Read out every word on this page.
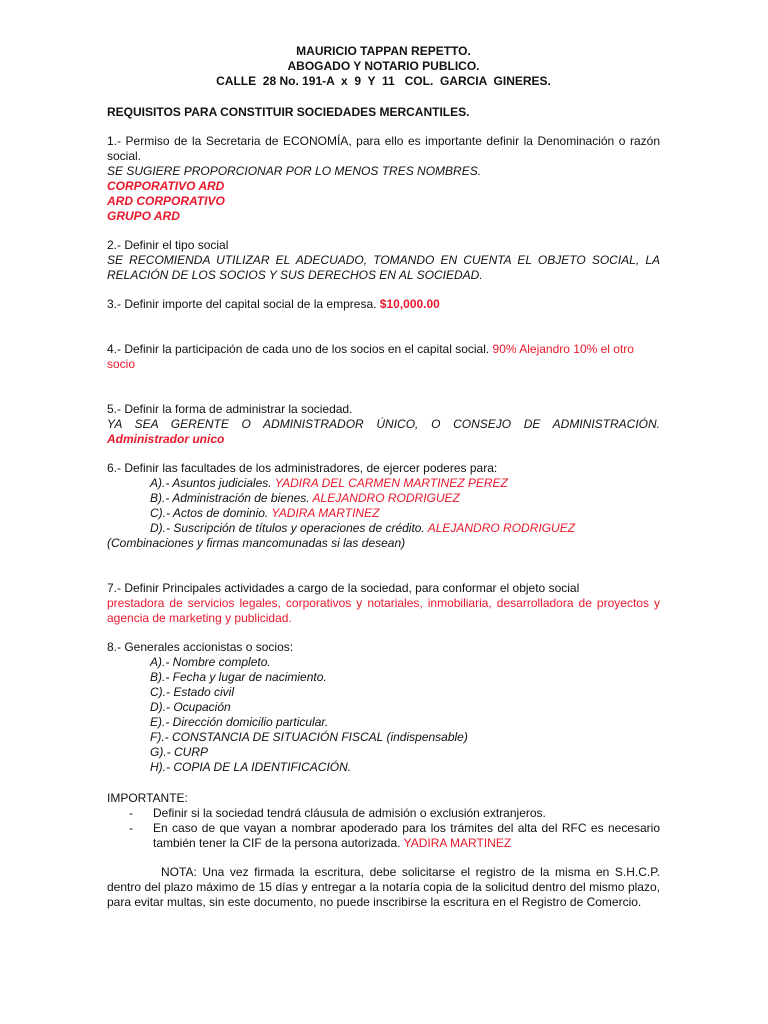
MAURICIO TAPPAN REPETTO.
ABOGADO Y NOTARIO PUBLICO.
CALLE  28 No. 191-A  x  9  Y  11   COL.  GARCIA  GINERES.
REQUISITOS PARA CONSTITUIR SOCIEDADES MERCANTILES.
1.- Permiso de la Secretaria de ECONOMÍA, para ello es importante definir la Denominación o razón social.
SE SUGIERE PROPORCIONAR POR LO MENOS TRES NOMBRES.
CORPORATIVO ARD
ARD CORPORATIVO
GRUPO ARD
2.- Definir el tipo social
SE RECOMIENDA UTILIZAR EL ADECUADO, TOMANDO EN CUENTA EL OBJETO SOCIAL, LA RELACIÓN DE LOS SOCIOS Y SUS DERECHOS EN AL SOCIEDAD.
3.- Definir importe del capital social de la empresa. $10,000.00
4.- Definir la participación de cada uno de los socios en el capital social. 90% Alejandro 10% el otro socio
5.- Definir la forma de administrar la sociedad.
YA SEA GERENTE O ADMINISTRADOR ÚNICO, O CONSEJO DE ADMINISTRACIÓN.
Administrador unico
6.- Definir las facultades de los administradores, de ejercer poderes para:
A).- Asuntos judiciales. YADIRA DEL CARMEN MARTINEZ PEREZ
B).- Administración de bienes. ALEJANDRO RODRIGUEZ
C).- Actos de dominio. YADIRA MARTINEZ
D).- Suscripción de títulos y operaciones de crédito. ALEJANDRO RODRIGUEZ
(Combinaciones y firmas mancomunadas si las desean)
7.- Definir Principales actividades a cargo de la sociedad, para conformar el objeto social
prestadora de servicios legales, corporativos y notariales, inmobiliaria, desarrolladora de proyectos y agencia de marketing y publicidad.
8.- Generales accionistas o socios:
A).- Nombre completo.
B).- Fecha y lugar de nacimiento.
C).- Estado civil
D).- Ocupación
E).- Dirección domicilio particular.
F).- CONSTANCIA DE SITUACIÓN FISCAL (indispensable)
G).- CURP
H).- COPIA DE LA IDENTIFICACIÓN.
IMPORTANTE:
- Definir si la sociedad tendrá cláusula de admisión o exclusión extranjeros.
- En caso de que vayan a nombrar apoderado para los trámites del alta del RFC es necesario también tener la CIF de la persona autorizada. YADIRA MARTINEZ
NOTA: Una vez firmada la escritura, debe solicitarse el registro de la misma en S.H.C.P. dentro del plazo máximo de 15 días y entregar a la notaría copia de la solicitud dentro del mismo plazo, para evitar multas, sin este documento, no puede inscribirse la escritura en el Registro de Comercio.
